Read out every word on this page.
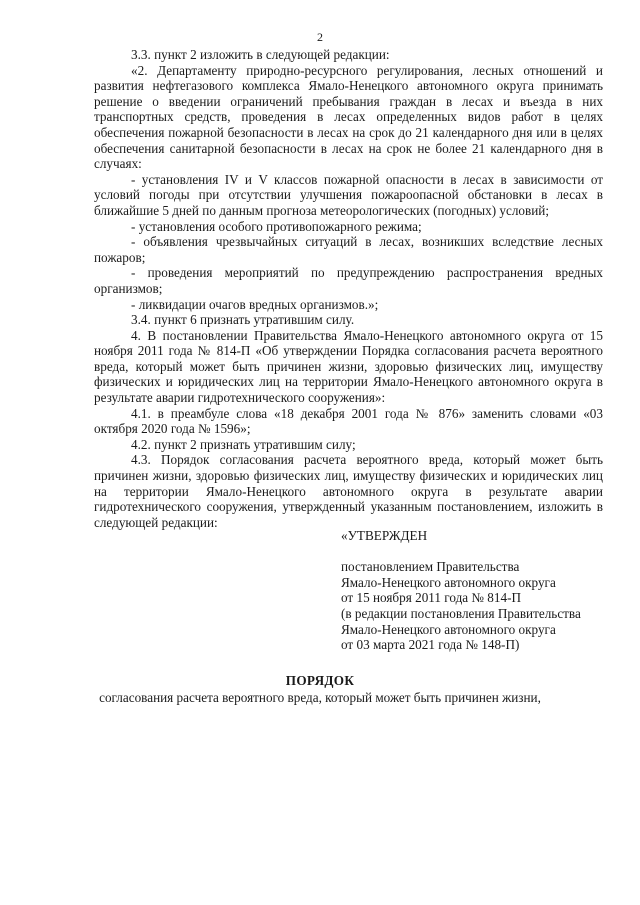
2

3.3. пункт 2 изложить в следующей редакции:

«2. Департаменту природно-ресурсного регулирования, лесных отношений и развития нефтегазового комплекса Ямало-Ненецкого автономного округа принимать решение о введении ограничений пребывания граждан в лесах и въезда в них транспортных средств, проведения в лесах определенных видов работ в целях обеспечения пожарной безопасности в лесах на срок до 21 календарного дня или в целях обеспечения санитарной безопасности в лесах на срок не более 21 календарного дня в случаях:

- установления IV и V классов пожарной опасности в лесах в зависимости от условий погоды при отсутствии улучшения пожароопасной обстановки в лесах в ближайшие 5 дней по данным прогноза метеорологических (погодных) условий;

- установления особого противопожарного режима;

- объявления чрезвычайных ситуаций в лесах, возникших вследствие лесных пожаров;

- проведения мероприятий по предупреждению распространения вредных организмов;

- ликвидации очагов вредных организмов.»;

3.4. пункт 6 признать утратившим силу.

4. В постановлении Правительства Ямало-Ненецкого автономного округа от 15 ноября 2011 года № 814-П «Об утверждении Порядка согласования расчета вероятного вреда, который может быть причинен жизни, здоровью физических лиц, имуществу физических и юридических лиц на территории Ямало-Ненецкого автономного округа в результате аварии гидротехнического сооружения»:

4.1. в преамбуле слова «18 декабря 2001 года № 876» заменить словами «03 октября 2020 года № 1596»;

4.2. пункт 2 признать утратившим силу;

4.3. Порядок согласования расчета вероятного вреда, который может быть причинен жизни, здоровью физических лиц, имуществу физических и юридических лиц на территории Ямало-Ненецкого автономного округа в результате аварии гидротехнического сооружения, утвержденный указанным постановлением, изложить в следующей редакции:

«УТВЕРЖДЕН
постановлением Правительства
Ямало-Ненецкого автономного округа
от 15 ноября 2011 года № 814-П
(в редакции постановления Правительства
Ямало-Ненецкого автономного округа
от 03 марта 2021 года № 148-П)
ПОРЯДОК
согласования расчета вероятного вреда, который может быть причинен жизни,
